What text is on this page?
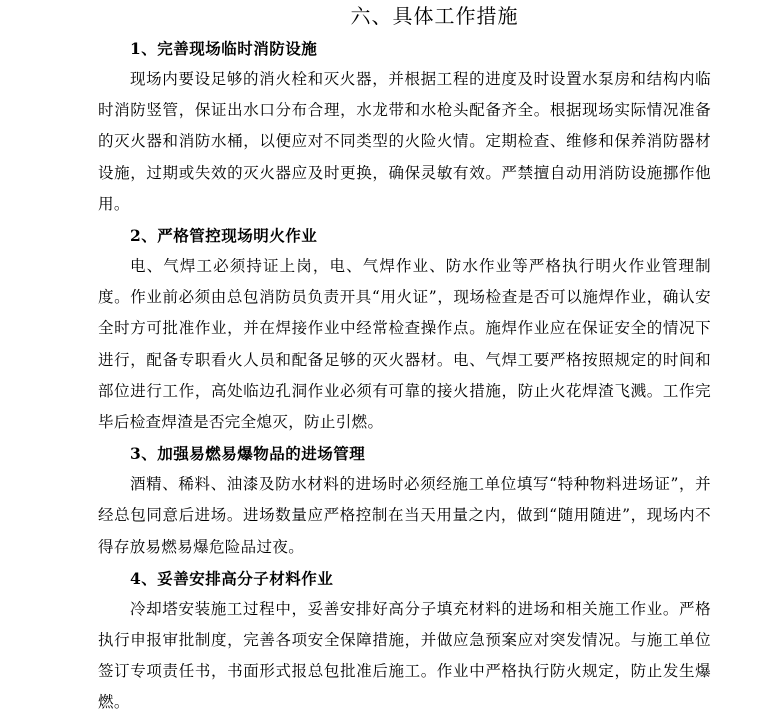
六、具体工作措施
1、完善现场临时消防设施

现场内要设足够的消火栓和灭火器，并根据工程的进度及时设置水泵房和结构内临时消防竖管，保证出水口分布合理，水龙带和水枪头配备齐全。根据现场实际情况准备的灭火器和消防水桶，以便应对不同类型的火险火情。定期检查、维修和保养消防器材设施，过期或失效的灭火器应及时更换，确保灵敏有效。严禁擅自动用消防设施挪作他用。

2、严格管控现场明火作业

电、气焊工必须持证上岗，电、气焊作业、防水作业等严格执行明火作业管理制度。作业前必须由总包消防员负责开具“用火证”，现场检查是否可以施焊作业，确认安全时方可批准作业，并在焊接作业中经常检查操作点。施焊作业应在保证安全的情况下进行，配备专职看火人员和配备足够的灭火器材。电、气焊工要严格按照规定的时间和部位进行工作，高处临边孔洞作业必须有可靠的接火措施，防止火花焊渣飞溅。工作完毕后检查焊渣是否完全熄灭，防止引燃。

3、加强易燃易爆物品的进场管理

酒精、稀料、油漆及防水材料的进场时必须经施工单位填写“特种物料进场证”，并经总包同意后进场。进场数量应严格控制在当天用量之内，做到“随用随进”，现场内不得存放易燃易爆危险品过夜。

4、妥善安排高分子材料作业

冷却塔安装施工过程中，妥善安排好高分子填充材料的进场和相关施工作业。严格执行申报审批制度，完善各项安全保障措施，并做应急预案应对突发情况。与施工单位签订专项责任书，书面形式报总包批准后施工。作业中严格执行防火规定，防止发生爆燃。
